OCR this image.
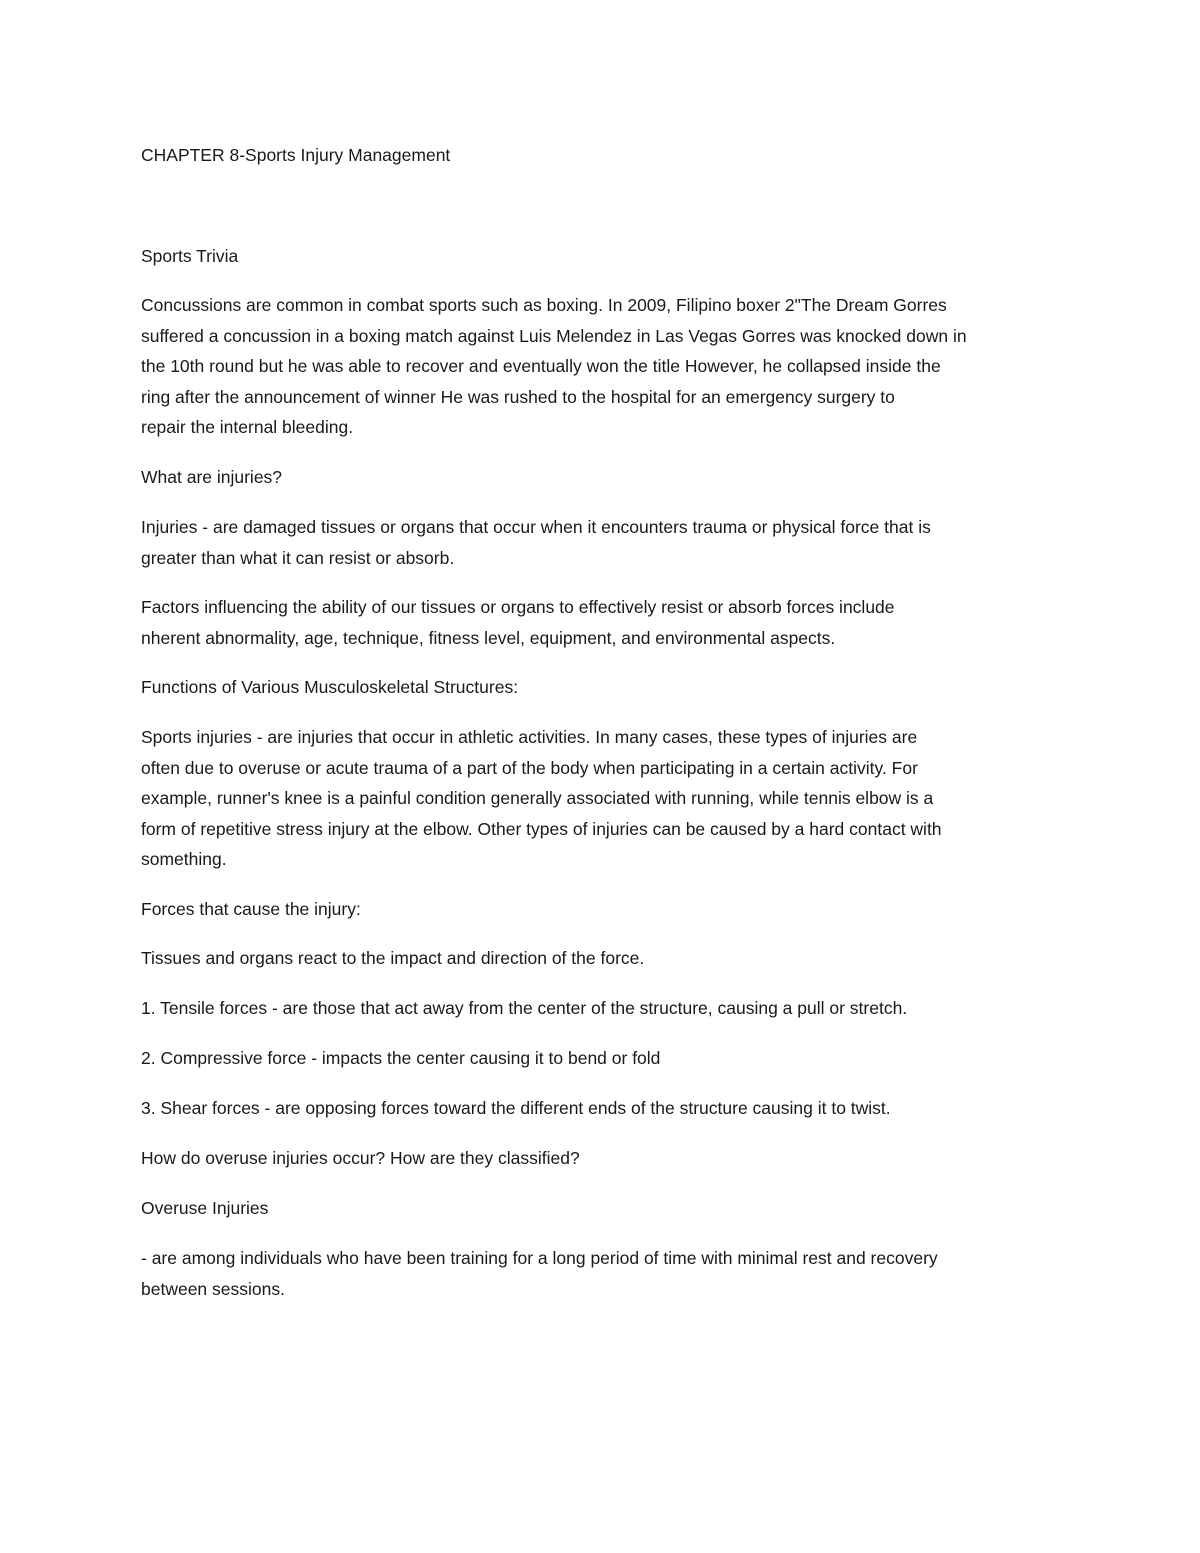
CHAPTER 8-Sports Injury Management

Sports Trivia

Concussions are common in combat sports such as boxing. In 2009, Filipino boxer 2"The Dream Gorres
suffered a concussion in a boxing match against Luis Melendez in Las Vegas Gorres was knocked down in
the 10th round but he was able to recover and eventually won the title However, he collapsed inside the
ring after the announcement of winner He was rushed to the hospital for an emergency surgery to
repair the internal bleeding.

What are injuries?

Injuries - are damaged tissues or organs that occur when it encounters trauma or physical force that is
greater than what it can resist or absorb.

Factors influencing the ability of our tissues or organs to effectively resist or absorb forces include
nherent abnormality, age, technique, fitness level, equipment, and environmental aspects.

Functions of Various Musculoskeletal Structures:

Sports injuries - are injuries that occur in athletic activities. In many cases, these types of injuries are
often due to overuse or acute trauma of a part of the body when participating in a certain activity. For
example, runner's knee is a painful condition generally associated with running, while tennis elbow is a
form of repetitive stress injury at the elbow. Other types of injuries can be caused by a hard contact with
something.

Forces that cause the injury:

Tissues and organs react to the impact and direction of the force.

1. Tensile forces - are those that act away from the center of the structure, causing a pull or stretch.

2. Compressive force - impacts the center causing it to bend or fold

3. Shear forces - are opposing forces toward the different ends of the structure causing it to twist.

How do overuse injuries occur? How are they classified?

Overuse Injuries

- are among individuals who have been training for a long period of time with minimal rest and recovery
between sessions.
